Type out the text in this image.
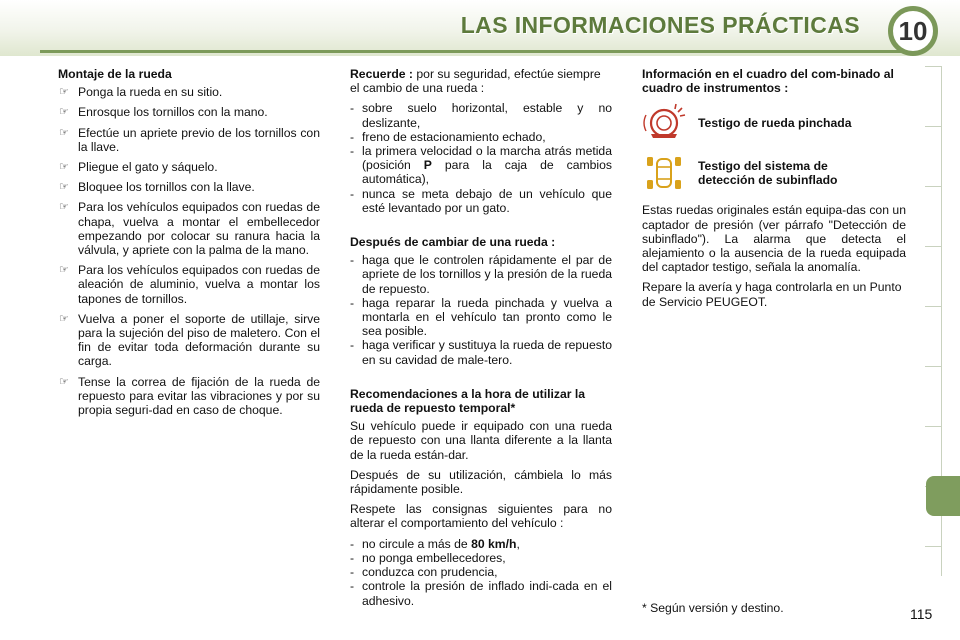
LAS INFORMACIONES PRÁCTICAS 10
Montaje de la rueda
☞ Ponga la rueda en su sitio.
☞ Enrosque los tornillos con la mano.
☞ Efectúe un apriete previo de los tornillos con la llave.
☞ Pliegue el gato y sáquelo.
☞ Bloquee los tornillos con la llave.
☞ Para los vehículos equipados con ruedas de chapa, vuelva a montar el embellecedor empezando por colocar su ranura hacia la válvula, y apriete con la palma de la mano.
☞ Para los vehículos equipados con ruedas de aleación de aluminio, vuelva a montar los tapones de tornillos.
☞ Vuelva a poner el soporte de utillaje, sirve para la sujeción del piso de maletero. Con el fin de evitar toda deformación durante su carga.
☞ Tense la correa de fijación de la rueda de repuesto para evitar las vibraciones y por su propia seguri-dad en caso de choque.

Recuerde : por su seguridad, efectúe siempre el cambio de una rueda :

- sobre suelo horizontal, estable y no deslizante,
- freno de estacionamiento echado,
- la primera velocidad o la marcha atrás metida (posición P para la caja de cambios automática),
- nunca se meta debajo de un vehículo que esté levantado por un gato.
Después de cambiar de una rueda :
- haga que le controlen rápidamente el par de apriete de los tornillos y la presión de la rueda de repuesto.
- haga reparar la rueda pinchada y vuelva a montarla en el vehículo tan pronto como le sea posible.
- haga verificar y sustituya la rueda de repuesto en su cavidad de male-tero.
Recomendaciones a la hora de utilizar la rueda de repuesto temporal*

Su vehículo puede ir equipado con una rueda de repuesto con una llanta diferente a la llanta de la rueda están-dar.

Después de su utilización, cámbiela lo más rápidamente posible.

Respete las consignas siguientes para no alterar el comportamiento del vehículo :

- no circule a más de 80 km/h,
- no ponga embellecedores,
- conduzca con prudencia,
- controle la presión de inflado indi-cada en el adhesivo.
Información en el cuadro del com-binado al cuadro de instrumentos :
Testigo de rueda pinchada
Testigo del sistema de detección de subinflado

Estas ruedas originales están equipa-das con un captador de presión (ver párrafo "Detección de subinflado"). La alarma que detecta el alejamiento o la ausencia de la rueda equipada del captador testigo, señala la anomalía.

Repare la avería y haga controlarla en un Punto de Servicio PEUGEOT.

* Según versión y destino.	115
